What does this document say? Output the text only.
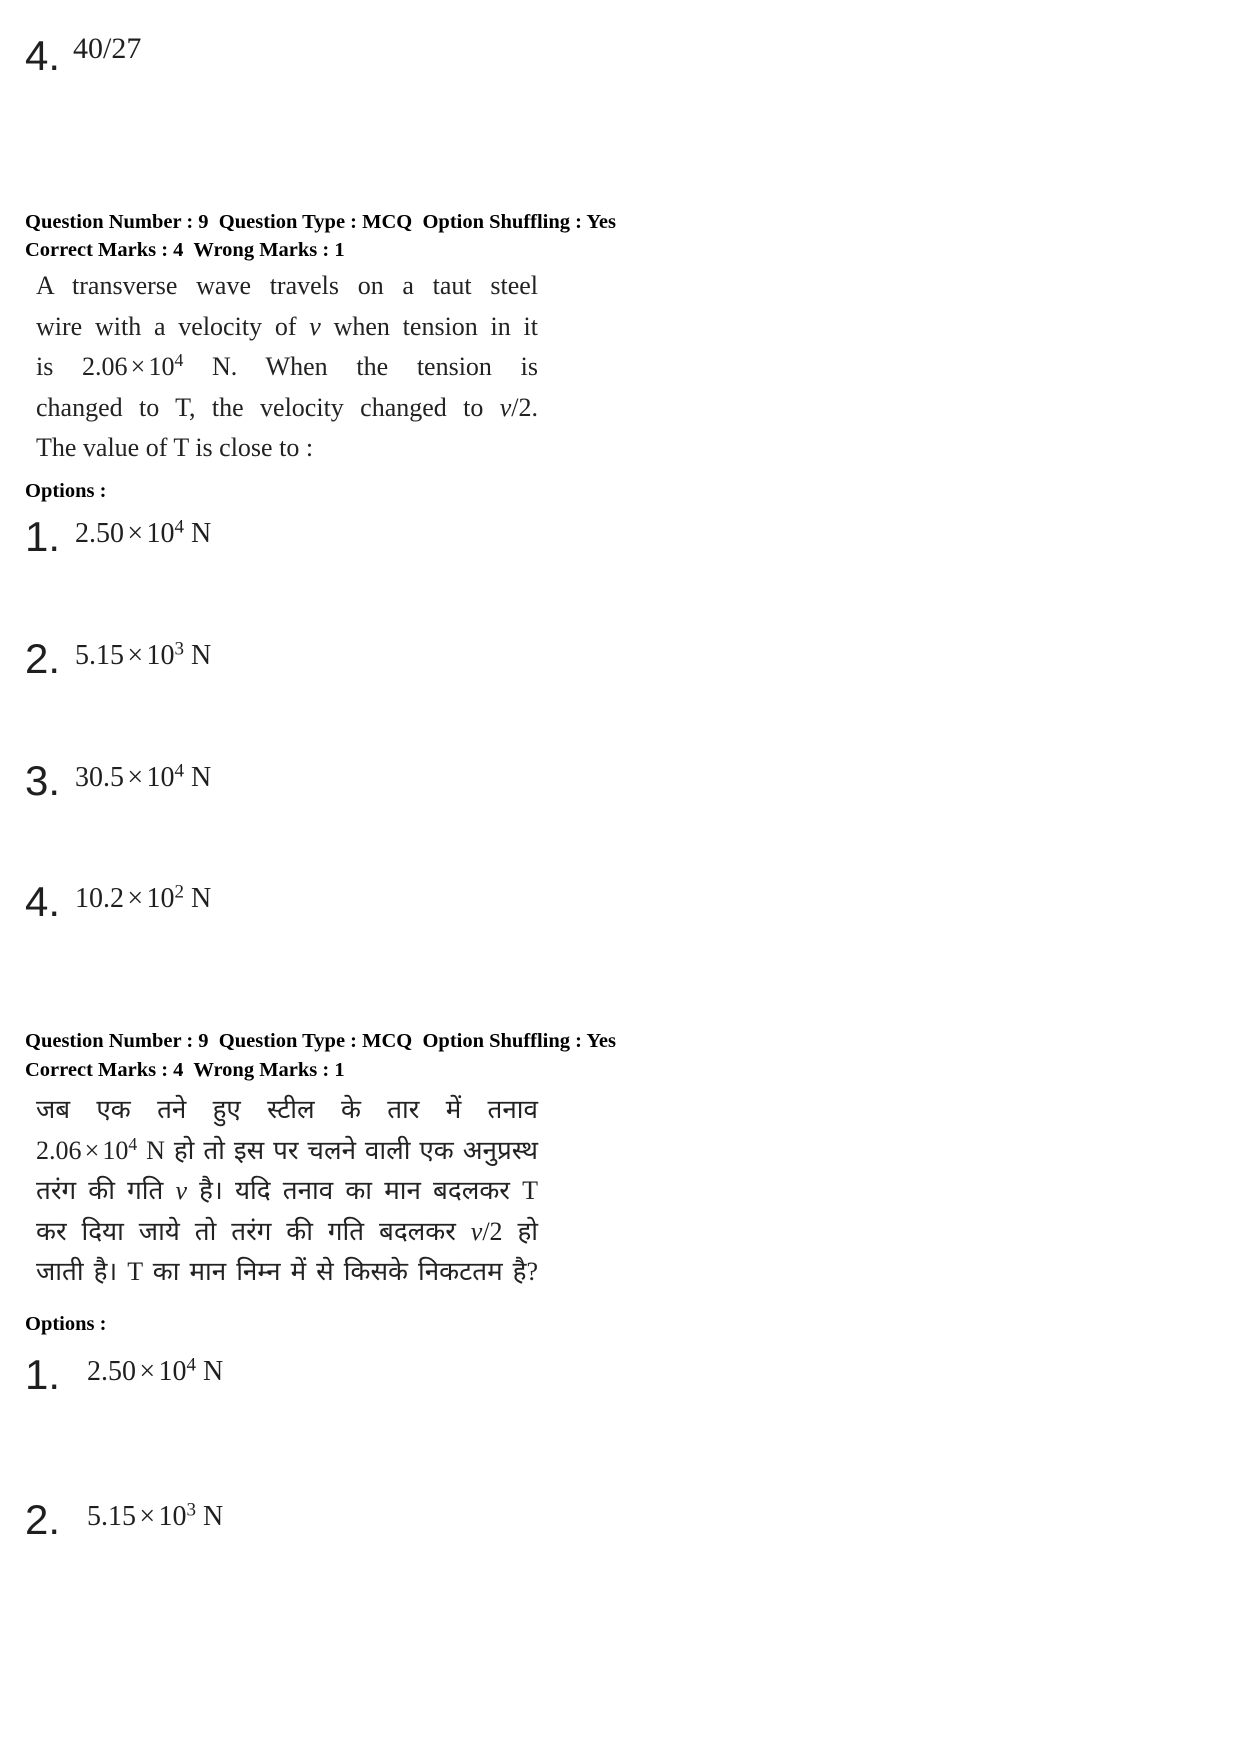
4. 40/27
Question Number : 9  Question Type : MCQ  Option Shuffling : Yes
Correct Marks : 4  Wrong Marks : 1
A transverse wave travels on a taut steel
wire with a velocity of v when tension in it
is $2.06 \times 10^4$ N. When the tension is
changed to T, the velocity changed to v/2.
The value of T is close to :
Options :
1. $2.50 \times 10^4$ N
2. $5.15 \times 10^3$ N
3. $30.5 \times 10^4$ N
4. $10.2 \times 10^2$ N
Question Number : 9  Question Type : MCQ  Option Shuffling : Yes
Correct Marks : 4  Wrong Marks : 1
जब एक तने हुए स्टील के तार में तनाव
$2.06 \times 10^4$ N हो तो इस पर चलने वाली एक अनुप्रस्थ
तरंग की गति v है। यदि तनाव का मान बदलकर T
कर दिया जाये तो तरंग की गति बदलकर v/2 हो
जाती है। T का मान निम्न में से किसके निकटतम है?
Options :
1. $2.50 \times 10^4$ N
2. $5.15 \times 10^3$ N
